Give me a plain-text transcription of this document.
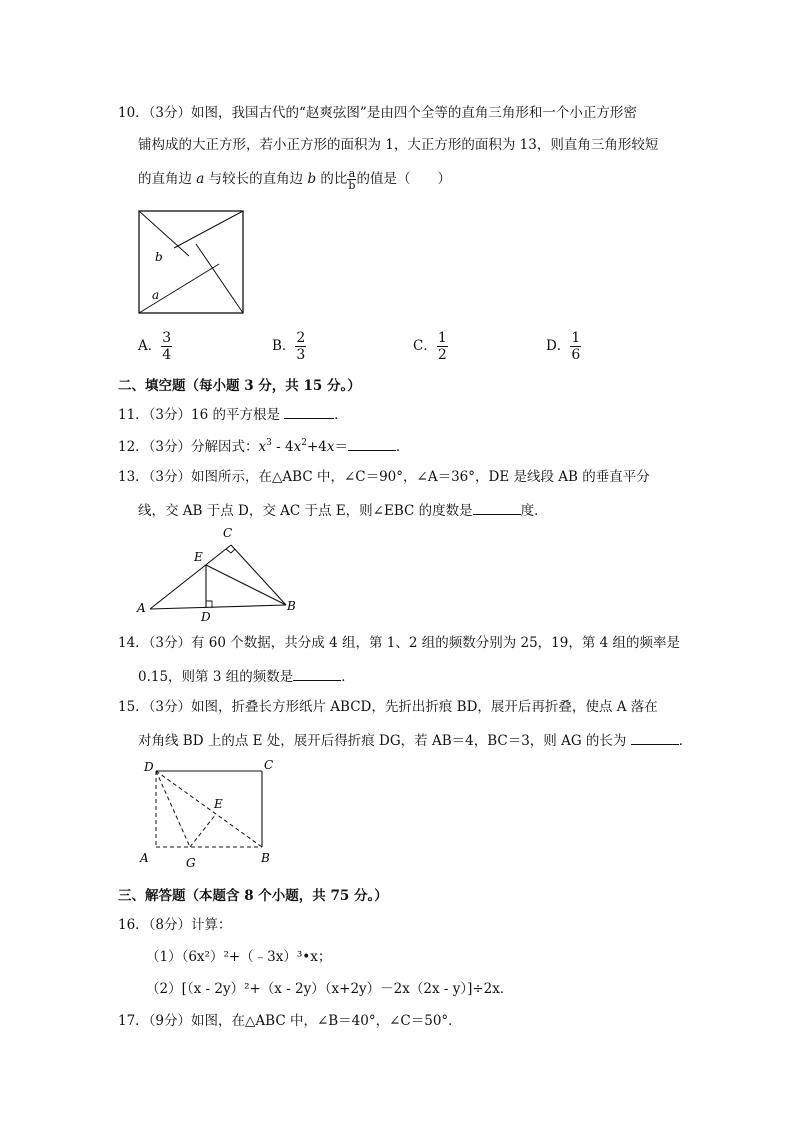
10．（3分）如图，我国古代的“赵爽弦图”是由四个全等的直角三角形和一个小正方形密
铺构成的大正方形，若小正方形的面积为 1，大正方形的面积为 13，则直角三角形较短
的直角边 a 与较长的直角边 b 的比 $\frac{a}{b}$ 的值是（　　）
b
a
A． $\frac{3}{4}$	B． $\frac{2}{3}$	C． $\frac{1}{2}$	D． $\frac{1}{6}$
二、填空题（每小题 3 分，共 15 分。）
11．（3分）16 的平方根是	．
12．（3分）分解因式：$x^3 - 4x^2+4x=$	．
13．（3分）如图所示，在△ABC 中，∠C＝90°，∠A＝36°，DE 是线段 AB 的垂直平分
线，交 AB 于点 D，交 AC 于点 E，则∠EBC 的度数是	度．
C
E
A	B
D
14．（3分）有 60 个数据，共分成 4 组，第 1、2 组的频数分别为 25，19，第 4 组的频率是
0.15，则第 3 组的频数是	．
15．（3分）如图，折叠长方形纸片 ABCD，先折出折痕 BD，展开后再折叠，使点 A 落在
对角线 BD 上的点 E 处，展开后得折痕 DG，若 AB＝4，BC＝3，则 AG 的长为	．
D	C
E
A	G	B
三、解答题（本题含 8 个小题，共 75 分。）
16．（8分）计算：
（1）（6x²）²+（﹣3x）³•x；
（2）[（x - 2y）²+（x - 2y）（x+2y）－2x（2x - y）]÷2x．
17．（9分）如图，在△ABC 中，∠B＝40°，∠C＝50°．
